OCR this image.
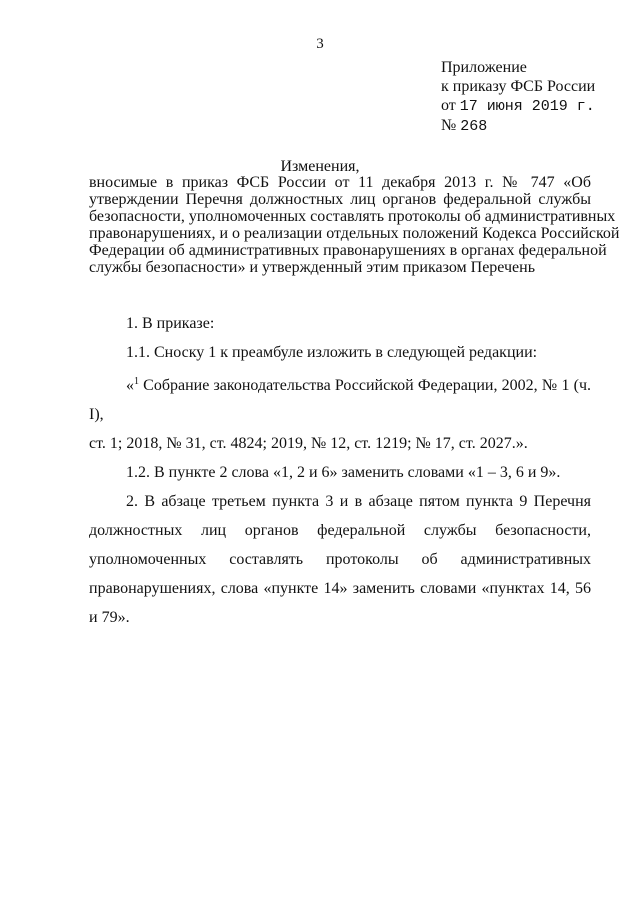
3
Приложение
к приказу ФСБ России
от 17 июня 2019 г.
№ 268
Изменения,
вносимые в приказ ФСБ России от 11 декабря 2013 г. № 747 «Об
утверждении Перечня должностных лиц органов федеральной службы
безопасности, уполномоченных составлять протоколы об административных
правонарушениях, и о реализации отдельных положений Кодекса Российской
Федерации об административных правонарушениях в органах федеральной
службы безопасности» и утвержденный этим приказом Перечень

1. В приказе:

1.1. Сноску 1 к преамбуле изложить в следующей редакции:

«$^1$ Собрание законодательства Российской Федерации, 2002, № 1 (ч. I),
ст. 1; 2018, № 31, ст. 4824; 2019, № 12, ст. 1219; № 17, ст. 2027.».

1.2. В пункте 2 слова «1, 2 и 6» заменить словами «1 – 3, 6 и 9».

2. В абзаце третьем пункта 3 и в абзаце пятом пункта 9 Перечня
должностных лиц органов федеральной службы безопасности,
уполномоченных составлять протоколы об административных
правонарушениях, слова «пункте 14» заменить словами «пунктах 14, 56
и 79».
